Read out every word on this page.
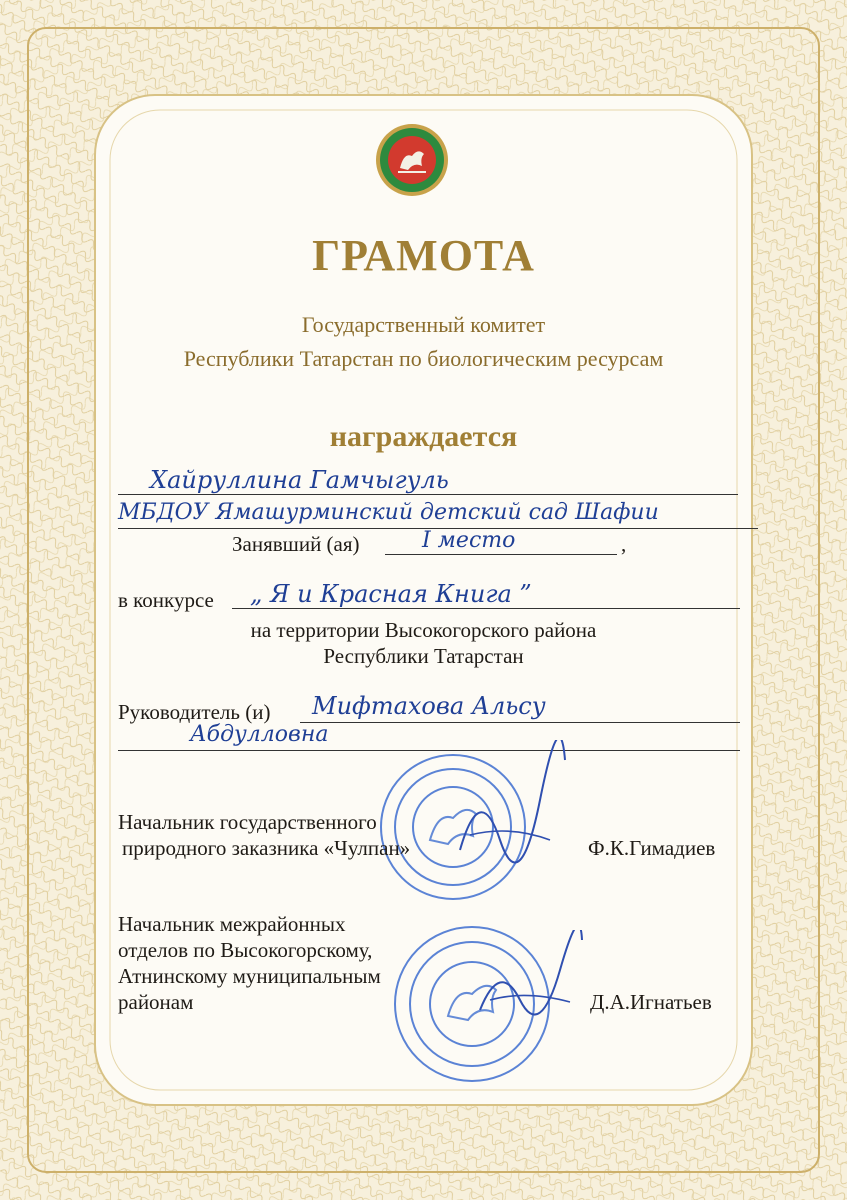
ГРАМОТА
Государственный комитет
Республики Татарстан по биологическим ресурсам
награждается
Хайруллина Гамчыгуль
МБДОУ Ямашурминский детский сад Шафии
Занявший (ая)	I место	,
в конкурсе „ Я и Красная Книга ”
на территории Высокогорского района
Республики Татарстан
Руководитель (и) Мифтахова Альсу
Абдулловна
Начальник государственного
природного заказника «Чулпан»	Ф.К.Гимадиев
Начальник межрайонных
отделов по Высокогорскому,
Атнинскому муниципальным
районам	Д.А.Игнатьев
